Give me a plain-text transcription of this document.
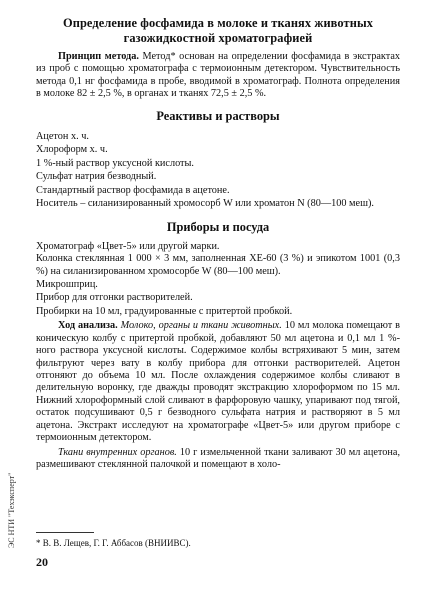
Определение фосфамида в молоке и тканях животных газожидкостной хроматографией

Принцип метода. Метод* основан на определении фосфамида в экстрактах из проб с помощью хроматографа с термоионным детектором. Чувствительность метода 0,1 нг фосфамида в пробе, вводимой в хроматограф. Полнота определения в молоке 82 ± 2,5 %, в органах и тканях 72,5 ± 2,5 %.

Реактивы и растворы
Ацетон х. ч.
Хлороформ х. ч.
1 %-ный раствор уксусной кислоты.
Сульфат натрия безводный.
Стандартный раствор фосфамида в ацетоне.
Носитель – силанизированный хромосорб W или хроматон N (80—100 меш).
Приборы и посуда
Хроматограф «Цвет-5» или другой марки.

Колонка стеклянная 1 000 × 3 мм, заполненная ХЕ-60 (3 %) и эпикотом 1001 (0,3 %) на силанизированном хромосорбе W (80—100 меш).

Микрошприц.
Прибор для отгонки растворителей.
Пробирки на 10 мл, градуированные с притертой пробкой.

Ход анализа. Молоко, органы и ткани животных. 10 мл молока помещают в коническую колбу с притертой пробкой, добавляют 50 мл ацетона и 0,1 мл 1 %-ного раствора уксусной кислоты. Содержимое колбы встряхивают 5 мин, затем фильтруют через вату в колбу прибора для отгонки растворителей. Ацетон отгоняют до объема 10 мл. После охлаждения содержимое колбы сливают в делительную воронку, где дважды проводят экстракцию хлороформом по 15 мл. Нижний хлороформный слой сливают в фарфоровую чашку, упаривают под тягой, остаток подсушивают 0,5 г безводного сульфата натрия и растворяют в 5 мл ацетона. Экстракт исследуют на хроматографе «Цвет-5» или другом приборе с термоионным детектором.

Ткани внутренних органов. 10 г измельченной ткани заливают 30 мл ацетона, размешивают стеклянной палочкой и помещают в холо-

* В. В. Лещев, Г. Г. Аббасов (ВНИИВС).
20
ЭС НТИ "Техэксперт"
